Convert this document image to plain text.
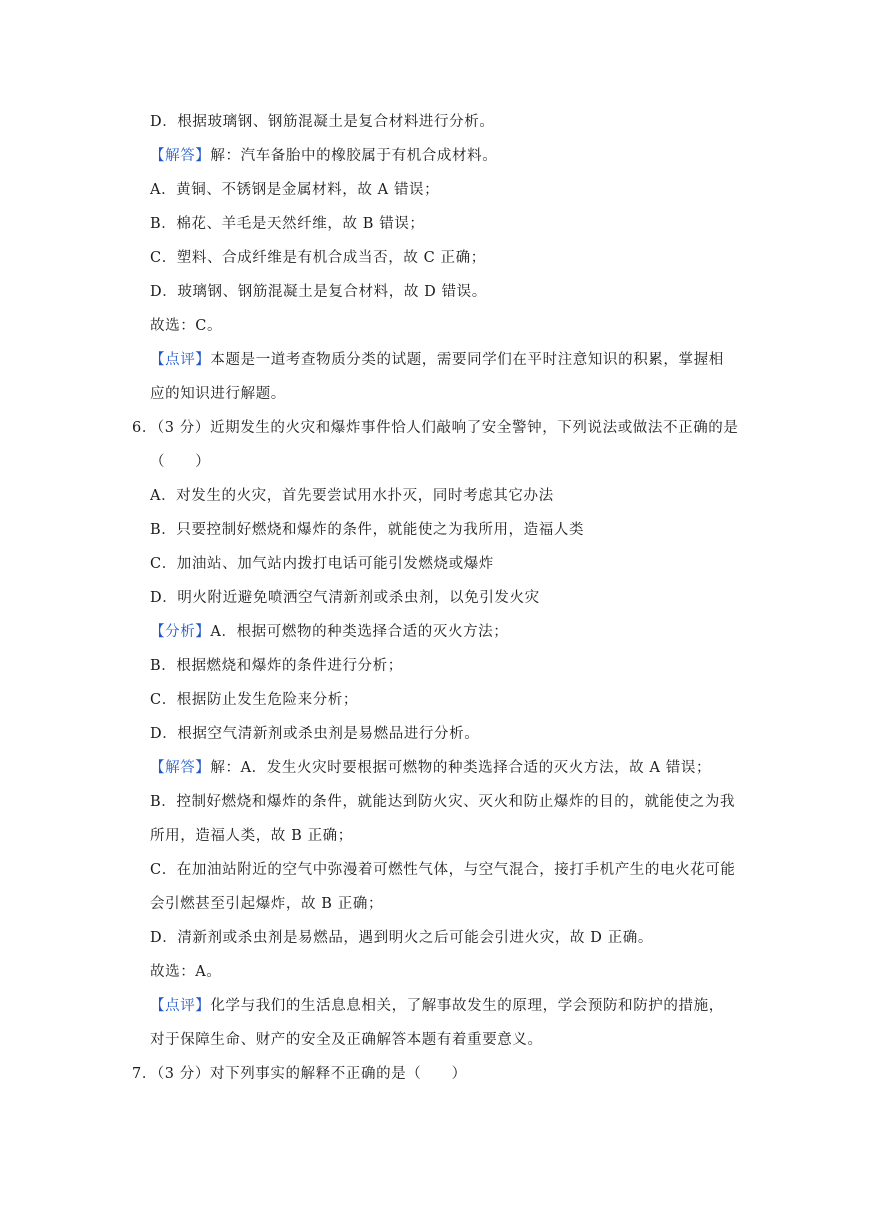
D．根据玻璃钢、钢筋混凝土是复合材料进行分析。
【解答】解：汽车备胎中的橡胶属于有机合成材料。
A．黄铜、不锈钢是金属材料，故 A 错误；
B．棉花、羊毛是天然纤维，故 B 错误；
C．塑料、合成纤维是有机合成当否，故 C 正确；
D．玻璃钢、钢筋混凝土是复合材料，故 D 错误。
故选：C。
【点评】本题是一道考查物质分类的试题，需要同学们在平时注意知识的积累，掌握相
应的知识进行解题。
6．（3 分）近期发生的火灾和爆炸事件恰人们敲响了安全警钟，下列说法或做法不正确的是
（　　）
A．对发生的火灾，首先要尝试用水扑灭，同时考虑其它办法
B．只要控制好燃烧和爆炸的条件，就能使之为我所用，造福人类
C．加油站、加气站内拨打电话可能引发燃烧或爆炸
D．明火附近避免喷洒空气清新剂或杀虫剂，以免引发火灾
【分析】A．根据可燃物的种类选择合适的灭火方法；
B．根据燃烧和爆炸的条件进行分析；
C．根据防止发生危险来分析；
D．根据空气清新剂或杀虫剂是易燃品进行分析。
【解答】解：A．发生火灾时要根据可燃物的种类选择合适的灭火方法，故 A 错误；
B．控制好燃烧和爆炸的条件，就能达到防火灾、灭火和防止爆炸的目的，就能使之为我
所用，造福人类，故 B 正确；
C．在加油站附近的空气中弥漫着可燃性气体，与空气混合，接打手机产生的电火花可能
会引燃甚至引起爆炸，故 B 正确；
D．清新剂或杀虫剂是易燃品，遇到明火之后可能会引进火灾，故 D 正确。
故选：A。
【点评】化学与我们的生活息息相关，了解事故发生的原理，学会预防和防护的措施，
对于保障生命、财产的安全及正确解答本题有着重要意义。
7．（3 分）对下列事实的解释不正确的是（　　）
